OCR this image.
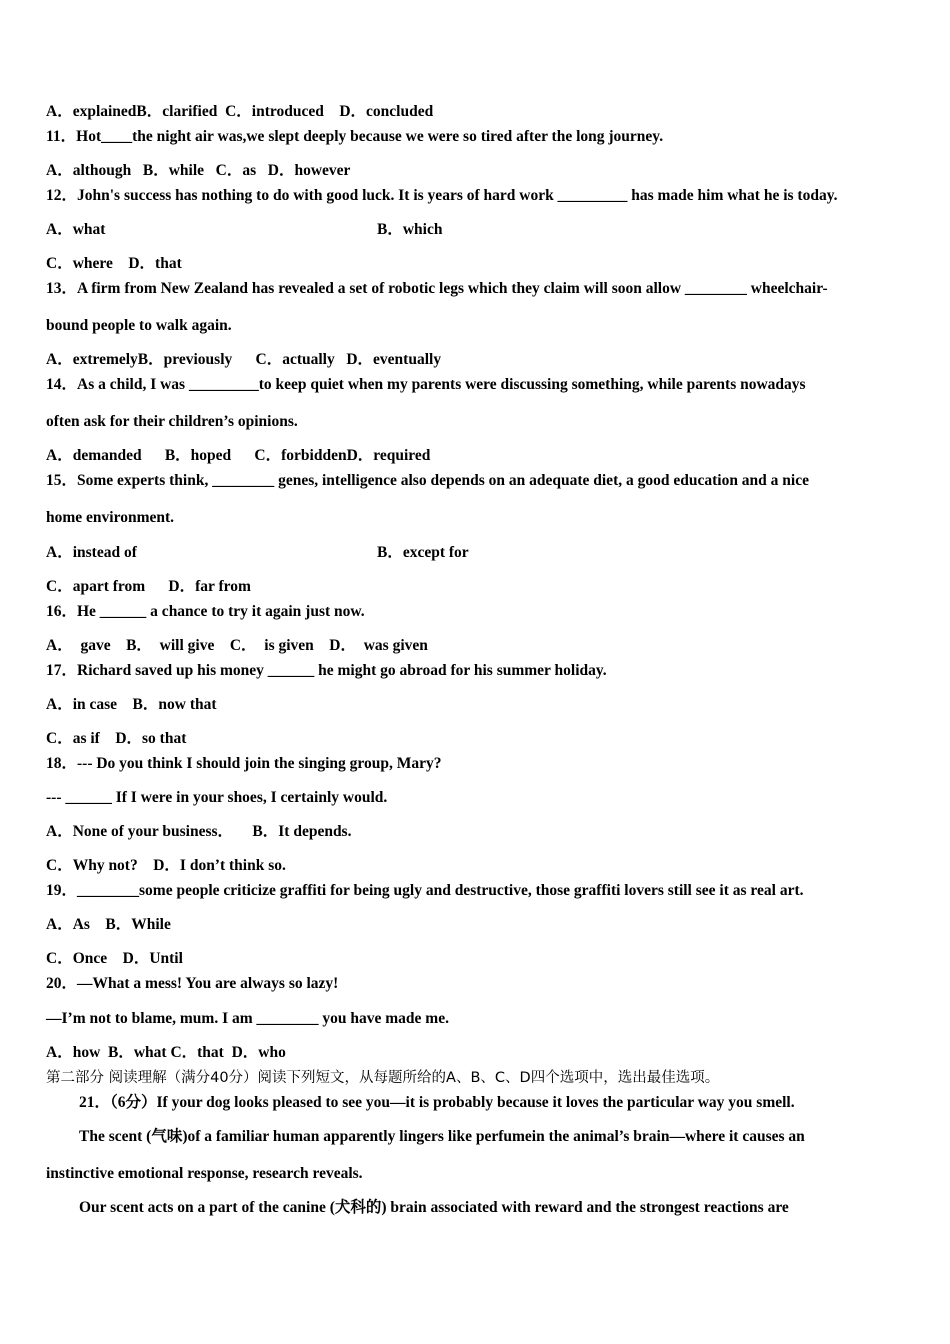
A．explainedB．clarified  C．introduced    D．concluded
11．Hot____the night air was,we slept deeply because we were so tired after the long journey.
A．although   B．while   C．as   D．however
12．John's success has nothing to do with good luck. It is years of hard work _________ has made him what he is today.
A．what	B．which
C．where    D．that
13．A firm from New Zealand has revealed a set of robotic legs which they claim will soon allow ________ wheelchair-
bound people to walk again.
A．extremelyB．previously      C．actually   D．eventually
14．As a child, I was _________to keep quiet when my parents were discussing something, while parents nowadays
often ask for their children’s opinions.
A．demanded      B．hoped      C．forbiddenD．required
15．Some experts think, ________ genes, intelligence also depends on an adequate diet, a good education and a nice
home environment.
A．instead of	B．except for
C．apart from      D．far from
16．He ______ a chance to try it again just now.
A．  gave    B．  will give    C．  is given    D．  was given
17．Richard saved up his money ______ he might go abroad for his summer holiday.
A．in case    B．now that
C．as if    D．so that
18．--- Do you think I should join the singing group, Mary?
--- ______ If I were in your shoes, I certainly would.
A．None of your business．     B．It depends.
C．Why not?    D．I don’t think so.
19．________some people criticize graffiti for being ugly and destructive, those graffiti lovers still see it as real art.
A．As    B．While
C．Once    D．Until
20．—What a mess! You are always so lazy!
—I’m not to blame, mum. I am ________ you have made me.
A．how  B．what C．that  D．who
第二部分 阅读理解（满分40分）阅读下列短文，从每题所给的A、B、C、D四个选项中，选出最佳选项。
21．（6分）If your dog looks pleased to see you—it is probably because it loves the particular way you smell.
The scent (气味)of a familiar human apparently lingers like perfumein the animal’s brain—where it causes an
instinctive emotional response, research reveals.
Our scent acts on a part of the canine (犬科的) brain associated with reward and the strongest reactions are
